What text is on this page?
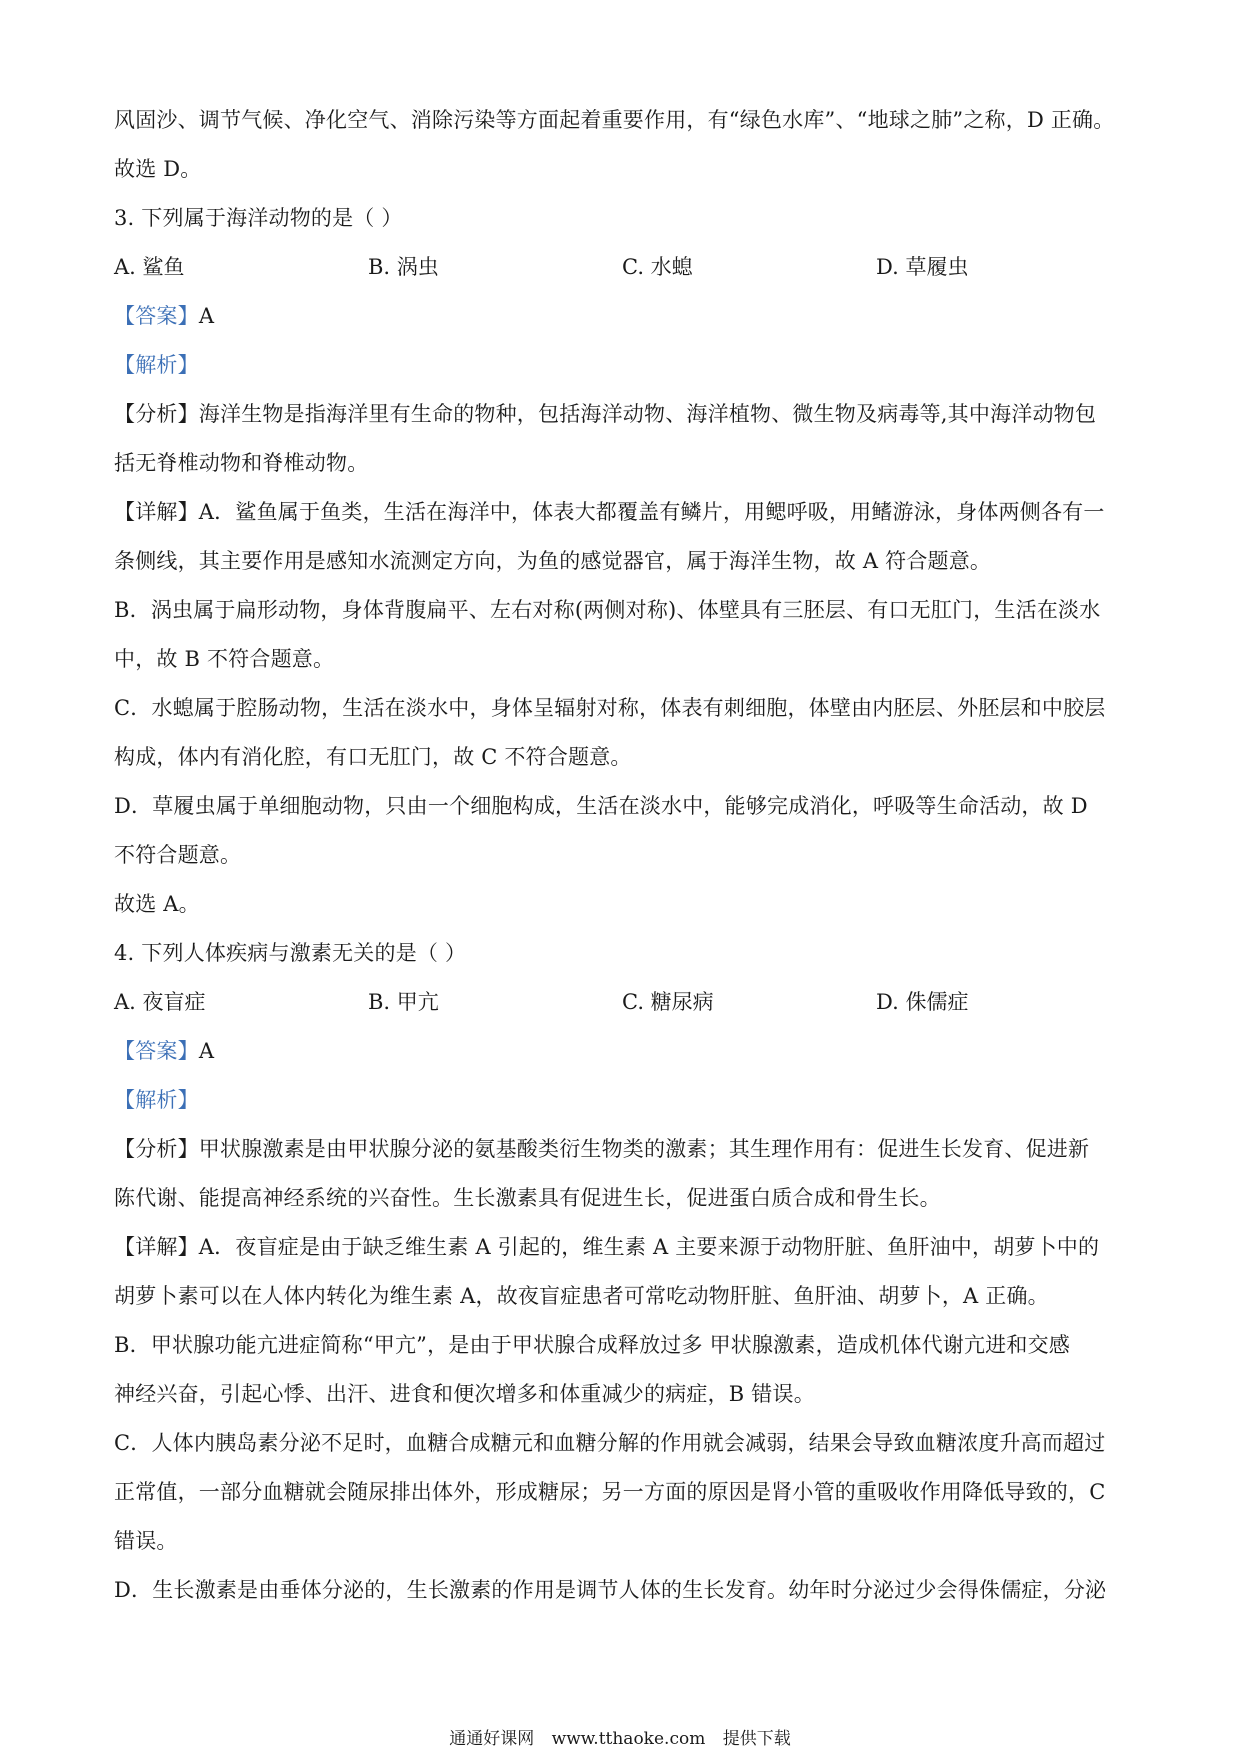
风固沙、调节气候、净化空气、消除污染等方面起着重要作用，有“绿色水库”、“地球之肺”之称，D 正确。
故选 D。
3. 下列属于海洋动物的是（ ）
A. 鲨鱼	B. 涡虫	C. 水螅	D. 草履虫
【答案】A
【解析】
【分析】海洋生物是指海洋里有生命的物种，包括海洋动物、海洋植物、微生物及病毒等,其中海洋动物包
括无脊椎动物和脊椎动物。
【详解】A．鲨鱼属于鱼类，生活在海洋中，体表大都覆盖有鳞片，用鳃呼吸，用鳍游泳，身体两侧各有一
条侧线，其主要作用是感知水流测定方向，为鱼的感觉器官，属于海洋生物，故 A 符合题意。
B．涡虫属于扁形动物，身体背腹扁平、左右对称(两侧对称)、体壁具有三胚层、有口无肛门，生活在淡水
中，故 B 不符合题意。
C．水螅属于腔肠动物，生活在淡水中，身体呈辐射对称，体表有刺细胞，体壁由内胚层、外胚层和中胶层
构成，体内有消化腔，有口无肛门，故 C 不符合题意。
D．草履虫属于单细胞动物，只由一个细胞构成，生活在淡水中，能够完成消化，呼吸等生命活动，故 D
不符合题意。
故选 A。
4. 下列人体疾病与激素无关的是（ ）
A. 夜盲症	B. 甲亢	C. 糖尿病	D. 侏儒症
【答案】A
【解析】
【分析】甲状腺激素是由甲状腺分泌的氨基酸类衍生物类的激素；其生理作用有：促进生长发育、促进新
陈代谢、能提高神经系统的兴奋性。生长激素具有促进生长，促进蛋白质合成和骨生长。
【详解】A．夜盲症是由于缺乏维生素 A 引起的，维生素 A 主要来源于动物肝脏、鱼肝油中，胡萝卜中的
胡萝卜素可以在人体内转化为维生素 A，故夜盲症患者可常吃动物肝脏、鱼肝油、胡萝卜，A 正确。
B．甲状腺功能亢进症简称“甲亢”，是由于甲状腺合成释放过多 甲状腺激素，造成机体代谢亢进和交感
神经兴奋，引起心悸、出汗、进食和便次增多和体重减少的病症，B 错误。
C．人体内胰岛素分泌不足时，血糖合成糖元和血糖分解的作用就会减弱，结果会导致血糖浓度升高而超过
正常值，一部分血糖就会随尿排出体外，形成糖尿；另一方面的原因是肾小管的重吸收作用降低导致的，C
错误。
D．生长激素是由垂体分泌的，生长激素的作用是调节人体的生长发育。幼年时分泌过少会得侏儒症，分泌
通通好课网 www.tthaoke.com 提供下载
